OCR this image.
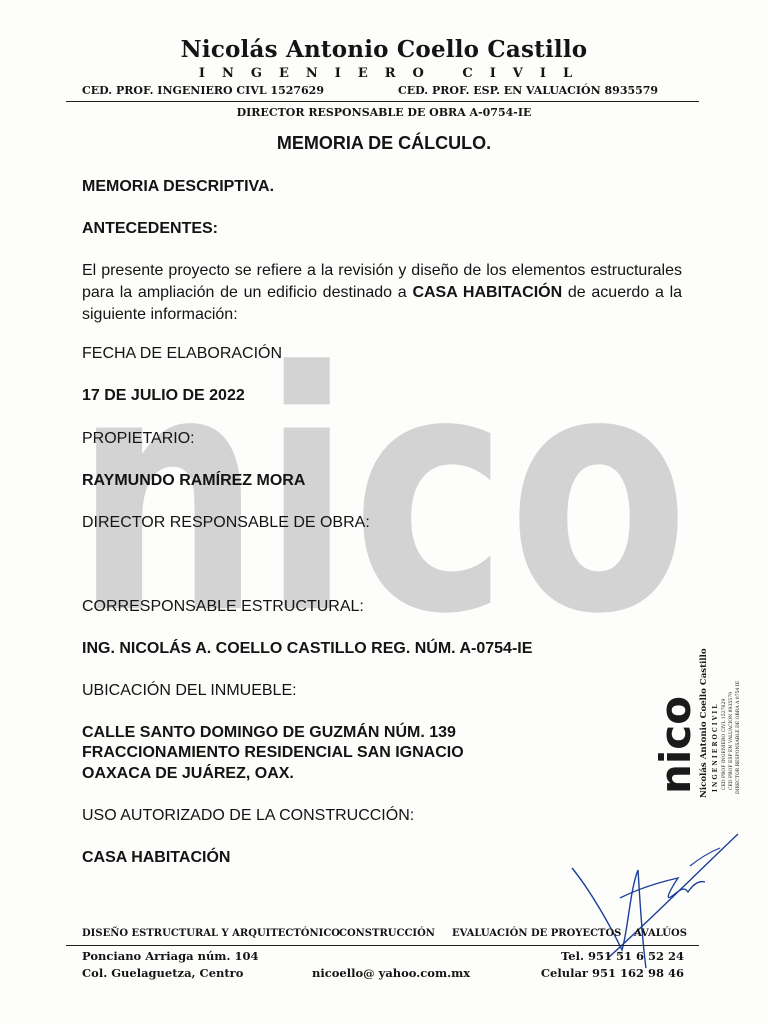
nico
Nicolás Antonio Coello Castillo
INGENIERO CIVIL
CED. PROF. INGENIERO CIVL 1527629	CED. PROF. ESP. EN VALUACIÓN 8935579
DIRECTOR RESPONSABLE DE OBRA A-0754-IE
MEMORIA DE CÁLCULO.
MEMORIA DESCRIPTIVA.
ANTECEDENTES:
El presente proyecto se refiere a la revisión y diseño de los elementos estructurales para la ampliación de un edificio destinado a CASA HABITACIÓN de acuerdo a la siguiente información:
FECHA DE ELABORACIÓN
17 DE JULIO DE 2022
PROPIETARIO:
RAYMUNDO RAMÍREZ MORA
DIRECTOR RESPONSABLE DE OBRA:
CORRESPONSABLE ESTRUCTURAL:
ING. NICOLÁS A. COELLO CASTILLO REG. NÚM. A-0754-IE
UBICACIÓN DEL INMUEBLE:
CALLE SANTO DOMINGO DE GUZMÁN NÚM. 139
FRACCIONAMIENTO RESIDENCIAL SAN IGNACIO
OAXACA DE JUÁREZ, OAX.
USO AUTORIZADO DE LA CONSTRUCCIÓN:
CASA HABITACIÓN
nico Nicolás Antonio Coello Castillo I N G E N I E R O C I V I L CED PROF INGENIERO CIVL 1527629 CED PROF ESP EN VALUACION 8935579 DIRECTOR RESPONSABLE DE OBRA A 0754 IE
DISEÑO ESTRUCTURAL Y ARQUITECTÓNICO
CONSTRUCCIÓN EVALUACIÓN DE PROYECTOS AVALÚOS
Ponciano Arriaga núm. 104
Col. Guelaguetza, Centro	nicoello@ yahoo.com.mx
Tel. 951 51 6 52 24
Celular 951 162 98 46
